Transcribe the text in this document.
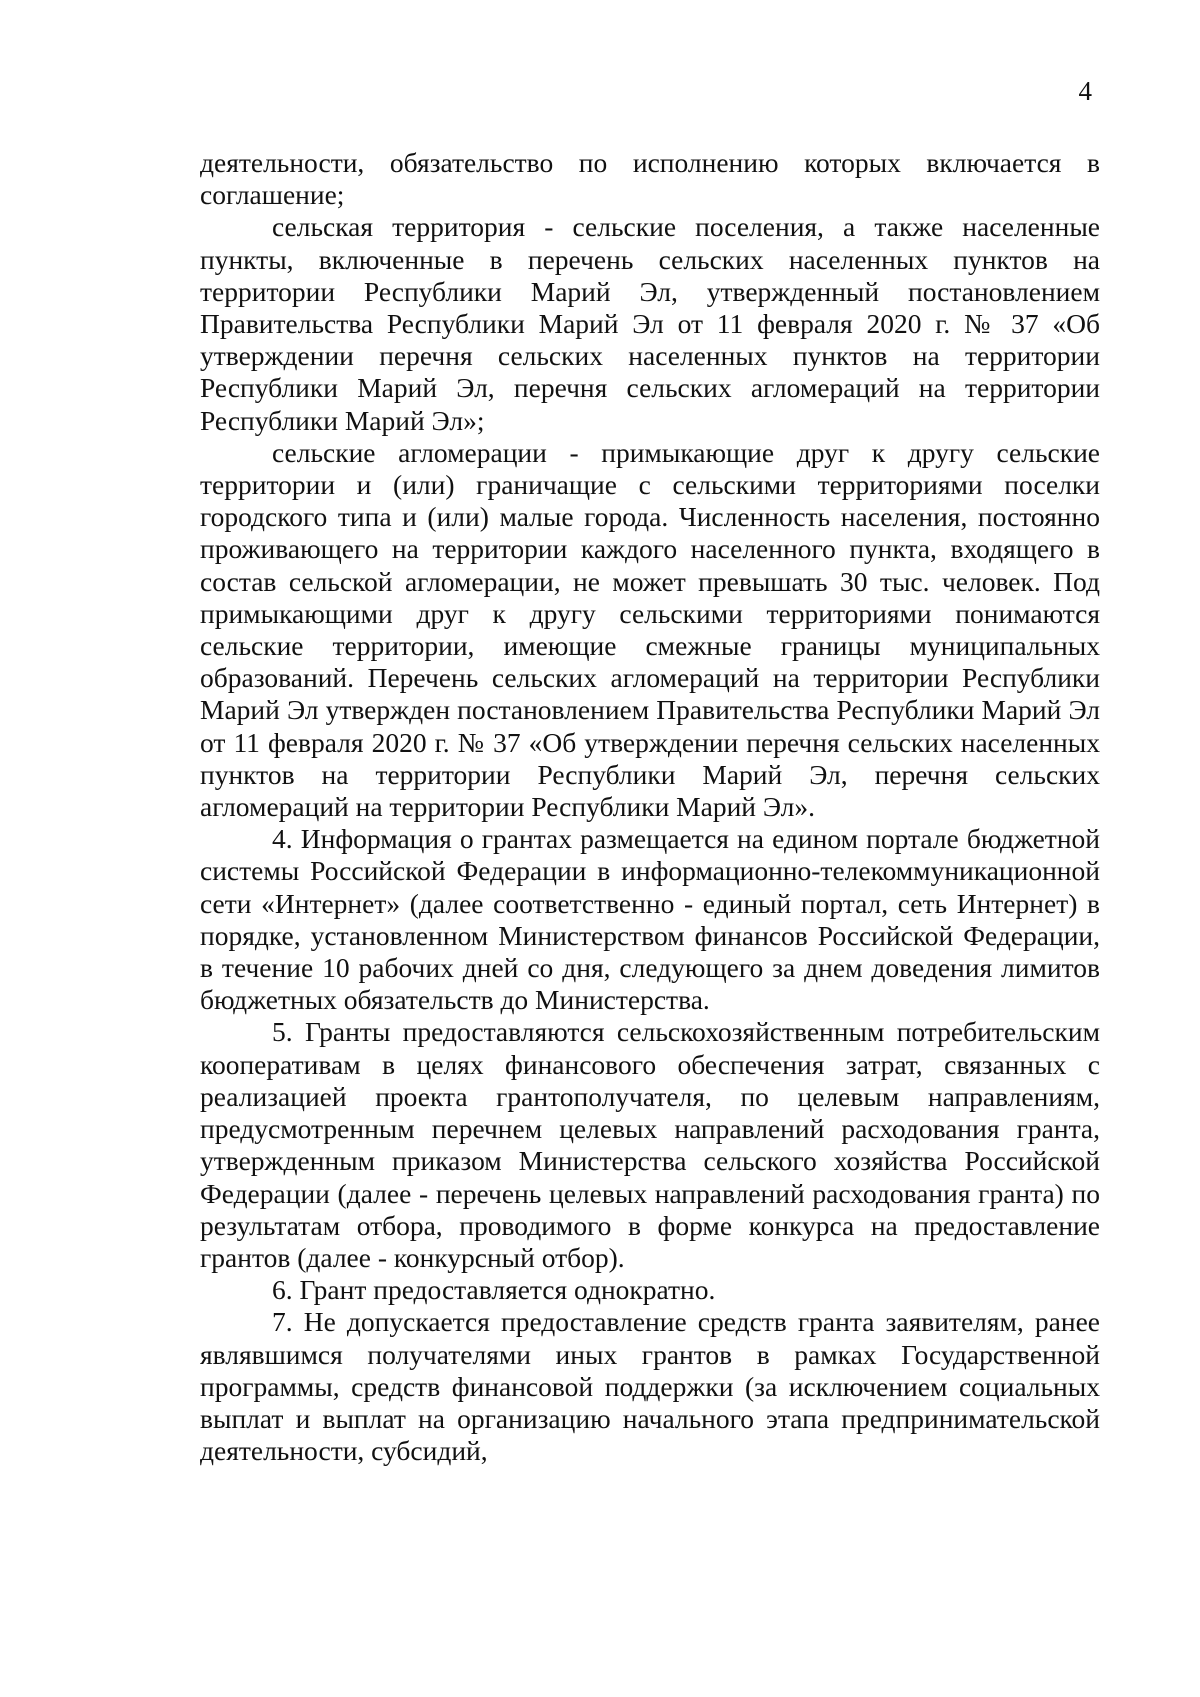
4

деятельности, обязательство по исполнению которых включается в соглашение;

сельская территория - сельские поселения, а также населенные пункты, включенные в перечень сельских населенных пунктов на территории Республики Марий Эл, утвержденный постановлением Правительства Республики Марий Эл от 11 февраля 2020 г. № 37 «Об утверждении перечня сельских населенных пунктов на территории Республики Марий Эл, перечня сельских агломераций на территории Республики Марий Эл»;

сельские агломерации - примыкающие друг к другу сельские территории и (или) граничащие с сельскими территориями поселки городского типа и (или) малые города. Численность населения, постоянно проживающего на территории каждого населенного пункта, входящего в состав сельской агломерации, не может превышать 30 тыс. человек. Под примыкающими друг к другу сельскими территориями понимаются сельские территории, имеющие смежные границы муниципальных образований. Перечень сельских агломераций на территории Республики Марий Эл утвержден постановлением Правительства Республики Марий Эл от 11 февраля 2020 г. № 37 «Об утверждении перечня сельских населенных пунктов на территории Республики Марий Эл, перечня сельских агломераций на территории Республики Марий Эл».

4. Информация о грантах размещается на едином портале бюджетной системы Российской Федерации в информационно-телекоммуникационной сети «Интернет» (далее соответственно - единый портал, сеть Интернет) в порядке, установленном Министерством финансов Российской Федерации, в течение 10 рабочих дней со дня, следующего за днем доведения лимитов бюджетных обязательств до Министерства.

5. Гранты предоставляются сельскохозяйственным потребительским кооперативам в целях финансового обеспечения затрат, связанных с реализацией проекта грантополучателя, по целевым направлениям, предусмотренным перечнем целевых направлений расходования гранта, утвержденным приказом Министерства сельского хозяйства Российской Федерации (далее - перечень целевых направлений расходования гранта) по результатам отбора, проводимого в форме конкурса на предоставление грантов (далее - конкурсный отбор).

6. Грант предоставляется однократно.

7. Не допускается предоставление средств гранта заявителям, ранее являвшимся получателями иных грантов в рамках Государственной программы, средств финансовой поддержки (за исключением социальных выплат и выплат на организацию начального этапа предпринимательской деятельности, субсидий,
